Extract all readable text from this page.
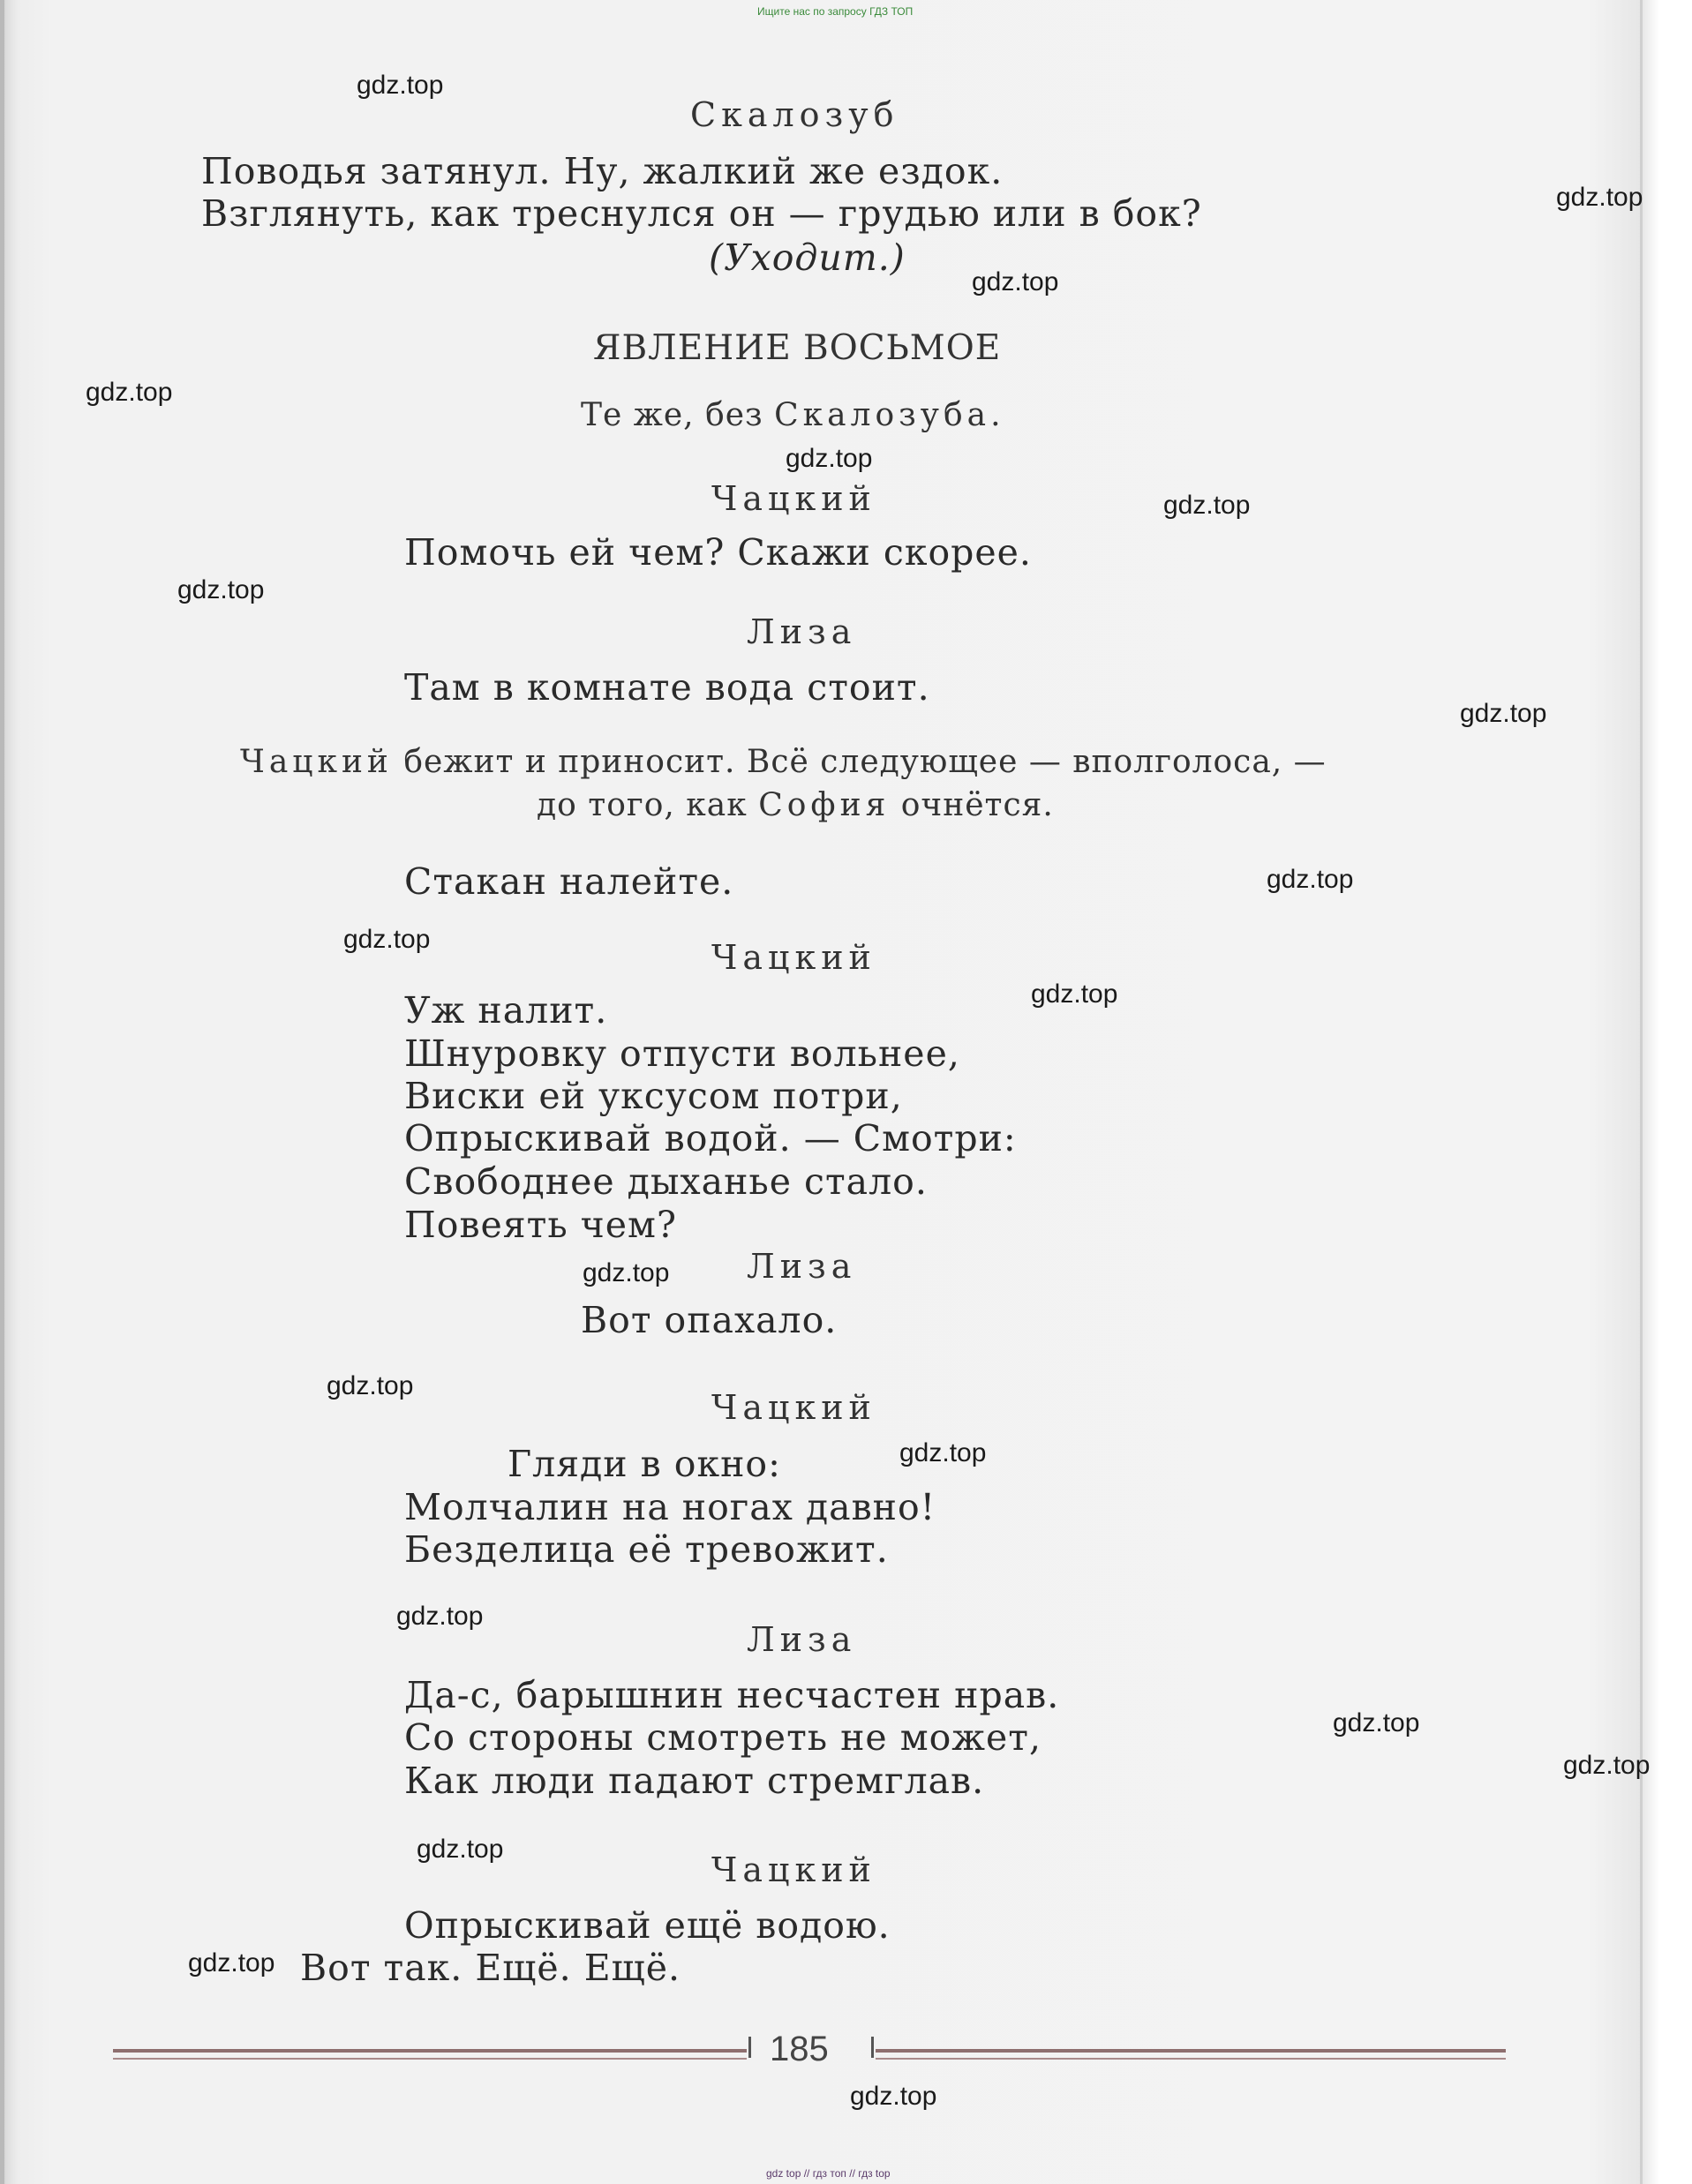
Ищите нас по запросу ГДЗ ТОП
Скалозуб
Поводья затянул. Ну, жалкий же ездок.
Взглянуть, как треснулся он — грудью или в бок?
(Уходит.)
ЯВЛЕНИЕ ВОСЬМОЕ
Те же, без Скалозуба.
Чацкий
Помочь ей чем? Скажи скорее.
Лиза
Там в комнате вода стоит.
Чацкий бежит и приносит. Всё следующее — вполголоса, —
до того, как София очнётся.
Стакан налейте.
Чацкий
Уж налит.
Шнуровку отпусти вольнее,
Виски ей уксусом потри,
Опрыскивай водой. — Смотри:
Свободнее дыханье стало.
Повеять чем?
Лиза
Вот опахало.
Чацкий
Гляди в окно:
Молчалин на ногах давно!
Безделица её тревожит.
Лиза
Да-с, барышнин несчастен нрав.
Со стороны смотреть не может,
Как люди падают стремглав.
Чацкий
Опрыскивай ещё водою.
Вот так. Ещё. Ещё.
185
gdz top // гдз топ // гдз top
gdz.top
gdz.top
gdz.top
gdz.top
gdz.top
gdz.top
gdz.top
gdz.top
gdz.top
gdz.top
gdz.top
gdz.top
gdz.top
gdz.top
gdz.top
gdz.top
gdz.top
gdz.top
gdz.top
gdz.top
